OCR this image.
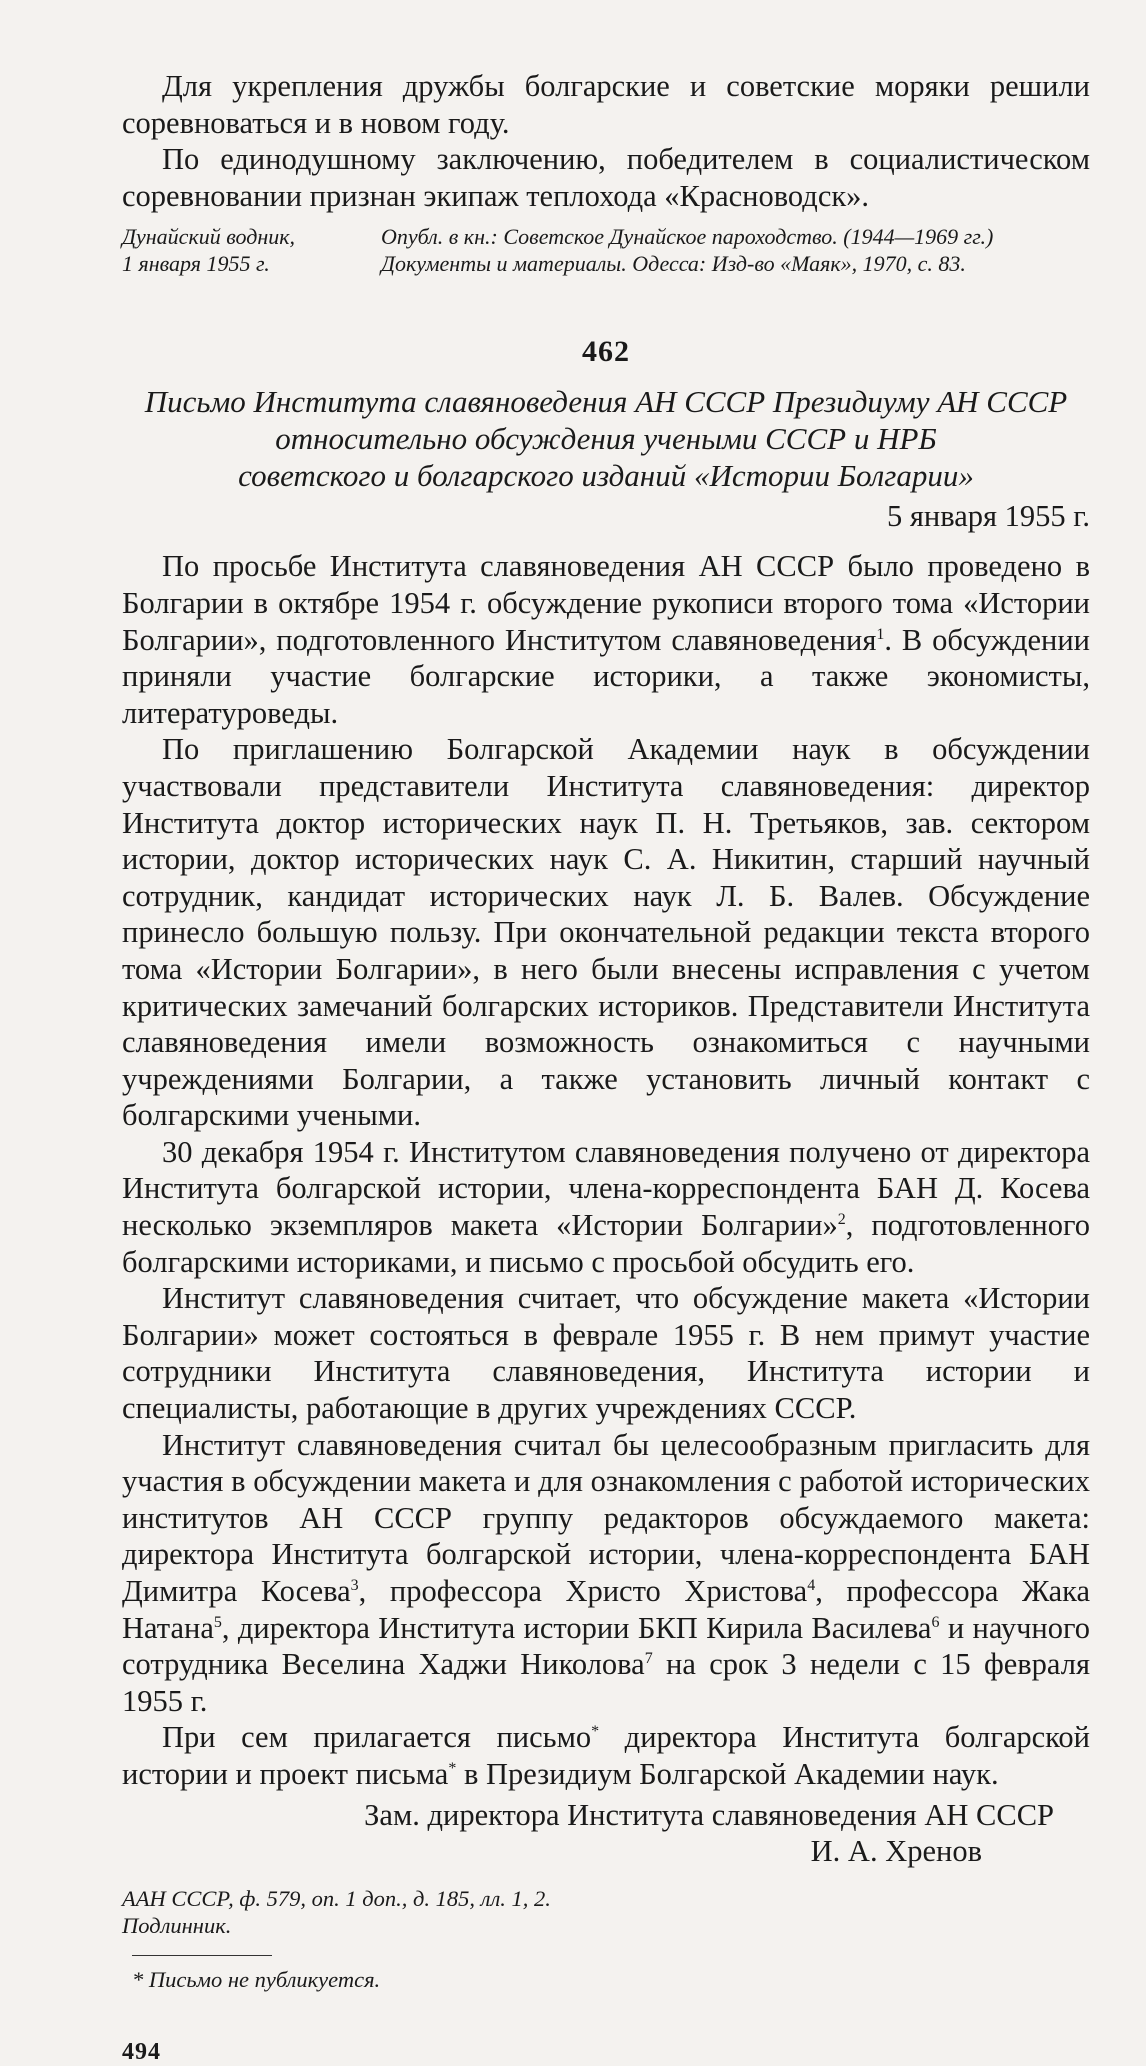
Для укрепления дружбы болгарские и советские моряки решили соревноваться и в новом году.

По единодушному заключению, победителем в социалистическом соревновании признан экипаж теплохода «Красноводск».

Дунайский водник,
1 января 1955 г.
Опубл. в кн.: Советское Дунайское пароходство. (1944—1969 гг.)
Документы и материалы. Одесса: Изд-во «Маяк», 1970, с. 83.
462
Письмо Института славяноведения АН СССР Президиуму АН СССР
относительно обсуждения учеными СССР и НРБ
советского и болгарского изданий «Истории Болгарии»
5 января 1955 г.

По просьбе Института славяноведения АН СССР было проведено в Болгарии в октябре 1954 г. обсуждение рукописи второго тома «Истории Болгарии», подготовленного Институтом славяноведения$^1$. В обсуждении приняли участие болгарские историки, а также экономисты, литературоведы.

По приглашению Болгарской Академии наук в обсуждении участвовали представители Института славяноведения: директор Института доктор исторических наук П. Н. Третьяков, зав. сектором истории, доктор исторических наук С. А. Никитин, старший научный сотрудник, кандидат исторических наук Л. Б. Валев. Обсуждение принесло большую пользу. При окончательной редакции текста второго тома «Истории Болгарии», в него были внесены исправления с учетом критических замечаний болгарских историков. Представители Института славяноведения имели возможность ознакомиться с научными учреждениями Болгарии, а также установить личный контакт с болгарскими учеными.

30 декабря 1954 г. Институтом славяноведения получено от директора Института болгарской истории, члена-корреспондента БАН Д. Косева несколько экземпляров макета «Истории Болгарии»$^2$, подготовленного болгарскими историками, и письмо с просьбой обсудить его.

Институт славяноведения считает, что обсуждение макета «Истории Болгарии» может состояться в феврале 1955 г. В нем примут участие сотрудники Института славяноведения, Института истории и специалисты, работающие в других учреждениях СССР.

Институт славяноведения считал бы целесообразным пригласить для участия в обсуждении макета и для ознакомления с работой исторических институтов АН СССР группу редакторов обсуждаемого макета: директора Института болгарской истории, члена-корреспондента БАН Димитра Косева$^3$, профессора Христо Христова$^4$, профессора Жака Натана$^5$, директора Института истории БКП Кирила Василева$^6$ и научного сотрудника Веселина Хаджи Николова$^7$ на срок 3 недели с 15 февраля 1955 г.

При сем прилагается письмо* директора Института болгарской истории и проект письма* в Президиум Болгарской Академии наук.

Зам. директора Института славяноведения АН СССР
И. А. Хренов
ААН СССР, ф. 579, оп. 1 доп., д. 185, лл. 1, 2.
Подлинник.
* Письмо не публикуется.
494
